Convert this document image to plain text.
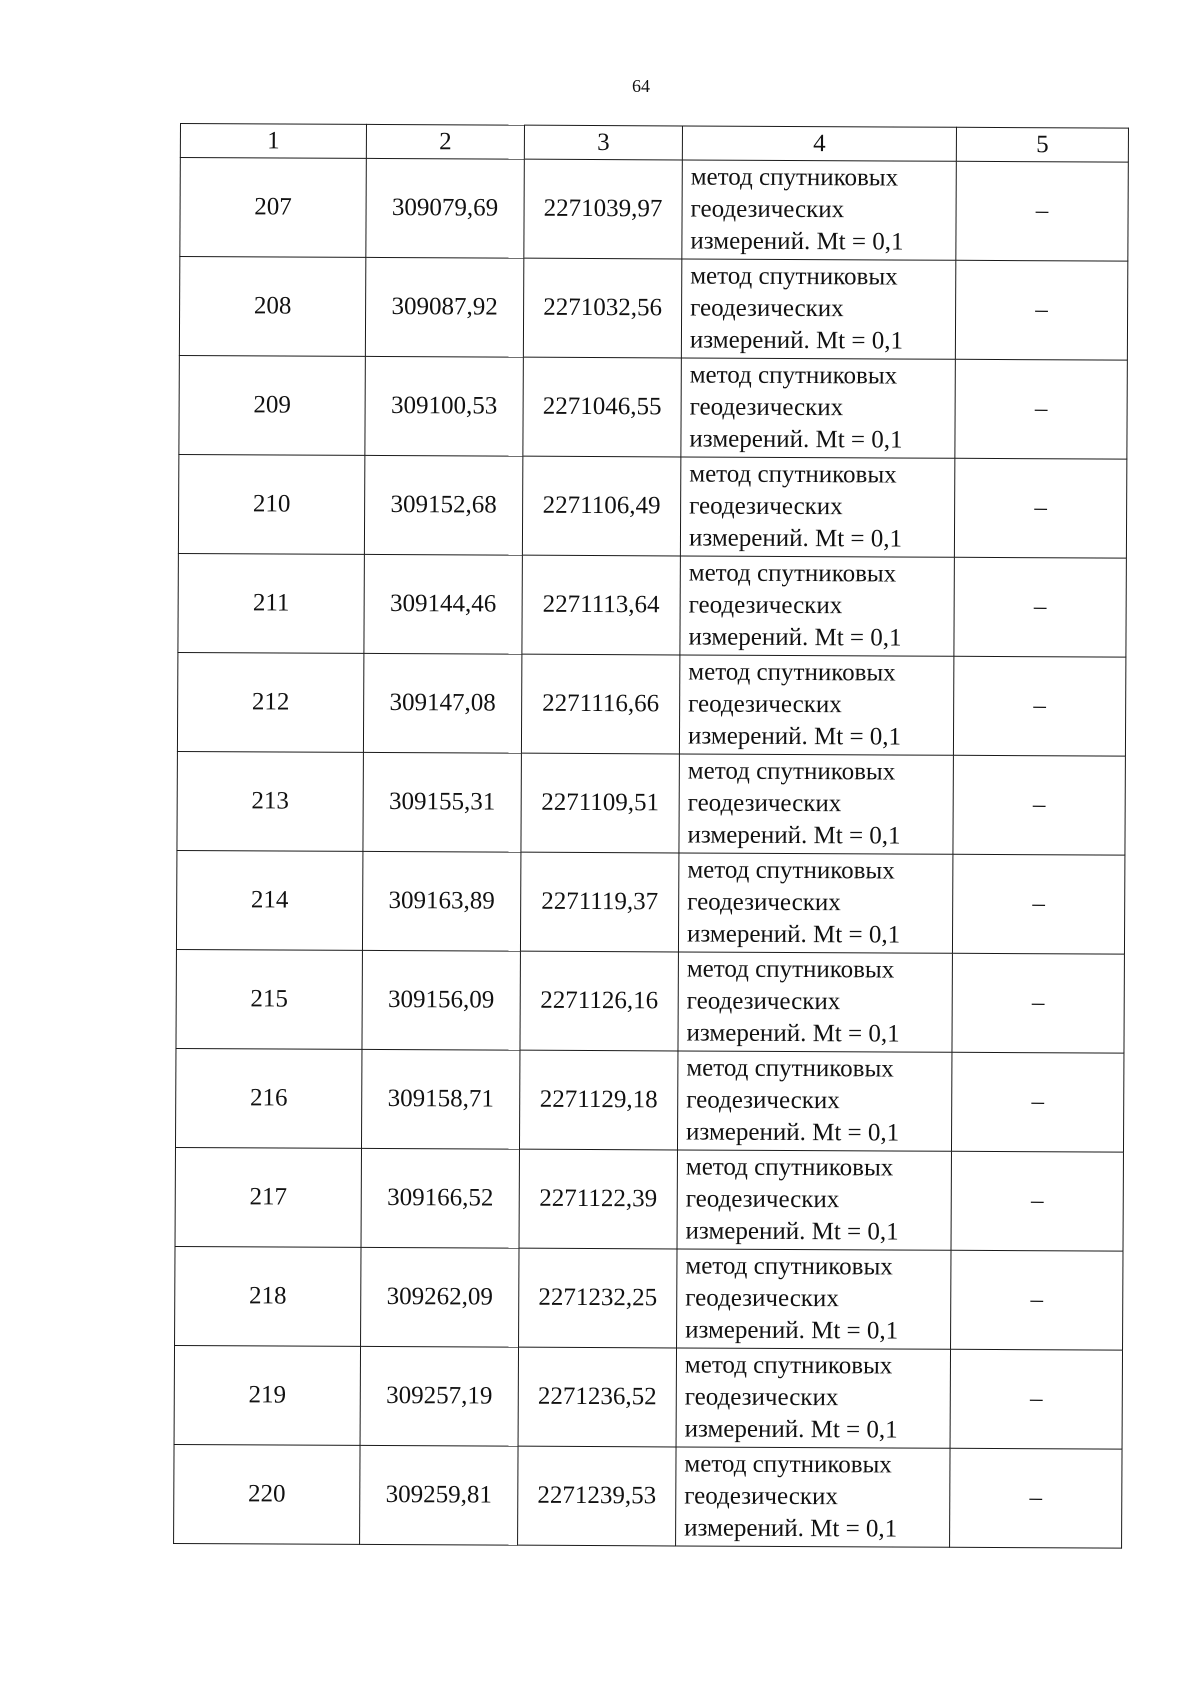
64
1	2	3	4	5
207	309079,69	2271039,97	метод спутниковых
геодезических
измерений. Mt = 0,1	–
208	309087,92	2271032,56	метод спутниковых
геодезических
измерений. Mt = 0,1	–
209	309100,53	2271046,55	метод спутниковых
геодезических
измерений. Mt = 0,1	–
210	309152,68	2271106,49	метод спутниковых
геодезических
измерений. Mt = 0,1	–
211	309144,46	2271113,64	метод спутниковых
геодезических
измерений. Mt = 0,1	–
212	309147,08	2271116,66	метод спутниковых
геодезических
измерений. Mt = 0,1	–
213	309155,31	2271109,51	метод спутниковых
геодезических
измерений. Mt = 0,1	–
214	309163,89	2271119,37	метод спутниковых
геодезических
измерений. Mt = 0,1	–
215	309156,09	2271126,16	метод спутниковых
геодезических
измерений. Mt = 0,1	–
216	309158,71	2271129,18	метод спутниковых
геодезических
измерений. Mt = 0,1	–
217	309166,52	2271122,39	метод спутниковых
геодезических
измерений. Mt = 0,1	–
218	309262,09	2271232,25	метод спутниковых
геодезических
измерений. Mt = 0,1	–
219	309257,19	2271236,52	метод спутниковых
геодезических
измерений. Mt = 0,1	–
220	309259,81	2271239,53	метод спутниковых
геодезических
измерений. Mt = 0,1	–
